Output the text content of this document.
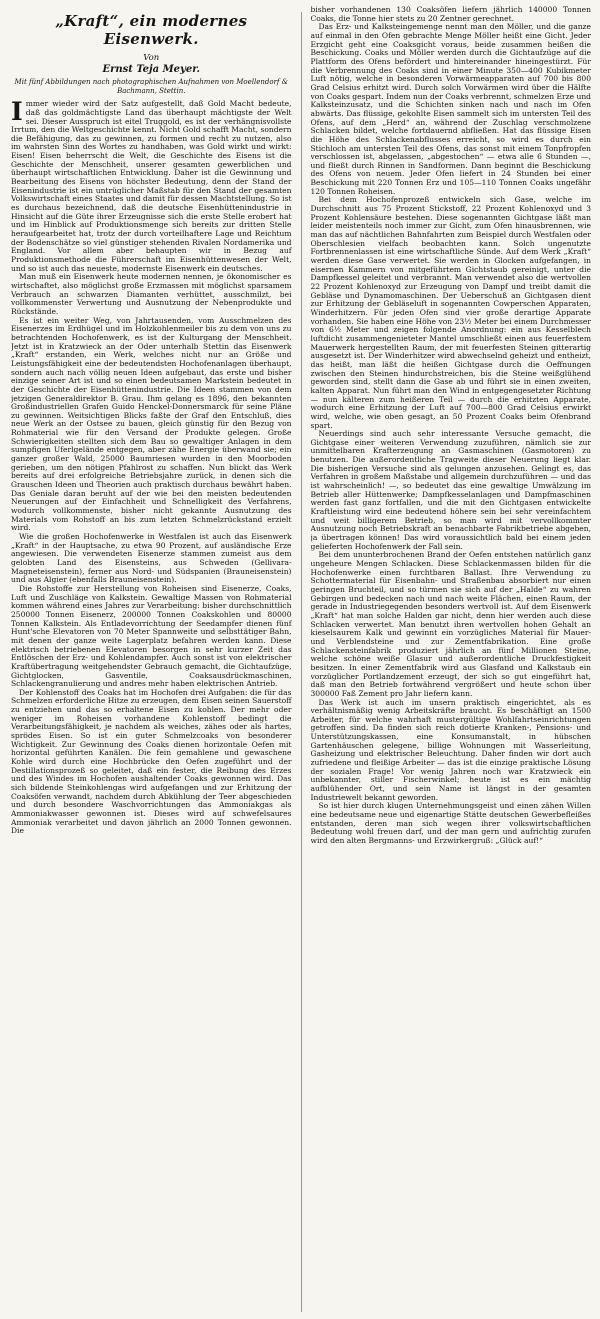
„Kraft“, ein modernes Eisenwerk.
Von
Ernst Teja Meyer.
Mit fünf Abbildungen nach photographischen Aufnahmen von Moellendorf & Bachmann, Stettin.

Immer wieder wird der Satz aufgestellt, daß Gold Macht bedeute, daß das goldmächtigste Land das überhaupt mächtigste der Welt sei. Dieser Ausspruch ist eitel Truggold, es ist der verhängnisvollste Irrtum, den die Weltgeschichte kennt. Nicht Gold schafft Macht, sondern die Befähigung, das zu gewinnen, zu formen und recht zu nutzen, also im wahrsten Sinn des Wortes zu handhaben, was Gold wirkt und wirkt: Eisen! Eisen beherrscht die Welt, die Geschichte des Eisens ist die Geschichte der Menschheit, unserer gesamten gewerblichen und überhaupt wirtschaftlichen Entwicklung. Daher ist die Gewinnung und Bearbeitung des Eisens von höchster Bedeutung, denn der Stand der Eisenindustrie ist ein untrüglicher Maßstab für den Stand der gesamten Volkswirtschaft eines Staates und damit für dessen Machtstellung. So ist es durchaus bezeichnend, daß die deutsche Eisenhüttenindustrie in Hinsicht auf die Güte ihrer Erzeugnisse sich die erste Stelle erobert hat und im Hinblick auf Produktionsmenge sich bereits zur dritten Stelle heraufgearbeitet hat, trotz der durch vorteilhaftere Lage und Reichtum der Bodenschätze so viel günstiger stehenden Rivalen Nordamerika und England. Vor allem aber behaupten wir in Bezug auf Produktionsmethode die Führerschaft im Eisenhüttenwesen der Welt, und so ist auch das neueste, modernste Eisenwerk ein deutsches.

Man muß ein Eisenwerk heute modernen nennen, je ökonomischer es wirtschaftet, also möglichst große Erzmassen mit möglichst sparsamem Verbrauch an schwarzen Diamanten verhüttet, ausschmilzt, bei vollkommenster Verwertung und Ausnutzung der Nebenprodukte und Rückstände.

Es ist ein weiter Weg, von Jahrtausenden, vom Ausschmelzen des Eisenerzes im Erdhügel und im Holzkohlenmeiler bis zu dem von uns zu betrachtenden Hochofenwerk, es ist der Kulturgang der Menschheit. Jetzt ist in Kratzwieck an der Oder unterhalb Stettin das Eisenwerk „Kraft“ erstanden, ein Werk, welches nicht nur an Größe und Leistungsfähigkeit eine der bedeutendsten Hochofenanlagen überhaupt, sondern auch nach völlig neuen Ideen aufgebaut, das erste und bisher einzige seiner Art ist und so einen bedeutsamen Markstein bedeutet in der Geschichte der Eisenhüttenindustrie. Die Ideen stammen von dem jetzigen Generaldirektor B. Grau. Ihm gelang es 1896, den bekannten Großindustriellen Grafen Guido Henckel-Donnersmarck für seine Pläne zu gewinnen. Weitsichtigen Blicks faßte der Graf den Entschluß, dies neue Werk an der Ostsee zu bauen, gleich günstig für den Bezug von Rohmaterial wie für den Versand der Produkte gelegen. Große Schwierigkeiten stellten sich dem Bau so gewaltiger Anlagen in dem sumpfigen Uferlgelände entgegen, aber zähe Energie überwand sie; ein ganzer großer Wald, 25000 Baumriesen wurden in den Moorboden gerieben, um den nötigen Pfahlrost zu schaffen. Nun blickt das Werk bereits auf drei erfolgreiche Betriebsjahre zurück, in denen sich die Grauschen Ideen und Theorien auch praktisch durchaus bewährt haben. Das Geniale daran beruht auf der wie bei den meisten bedeutenden Neuerungen auf der Einfachheit und Schnelligkeit des Verfahrens, wodurch vollkommenste, bisher nicht gekannte Ausnutzung des Materials vom Rohstoff an bis zum letzten Schmelzrückstand erzielt wird.

Wie die großen Hochofenwerke in Westfalen ist auch das Eisenwerk „Kraft“ in der Hauptsache, zu etwa 90 Prozent, auf ausländische Erze angewiesen. Die verwendeten Eisenerze stammen zumeist aus dem gelobten Land des Eisensteins, aus Schweden (Gellivara-Magneteisenstein), ferner aus Nord- und Südspanien (Brauneisenstein) und aus Algier (ebenfalls Brauneisenstein).

Die Rohstoffe zur Herstellung von Roheisen sind Eisenerze, Coaks, Luft und Zuschläge von Kalkstein. Gewaltige Massen von Rohmaterial kommen während eines Jahres zur Verarbeitung: bisher durchschnittlich 250000 Tonnen Eisenerz, 200000 Tonnen Coakskohlen und 80000 Tonnen Kalkstein. Als Entladevorrichtung der Seedampfer dienen fünf Hunt'sche Elevatoren von 70 Meter Spannweite und selbsttätiger Bahn, mit denen der ganze weite Lagerplatz befahren werden kann. Diese elektrisch betriebenen Elevatoren besorgen in sehr kurzer Zeit das Entlöschen der Erz- und Kohlendampfer. Auch sonst ist von elektrischer Kraftübertragung weitgehendster Gebrauch gemacht, die Gichtaufzüge, Gichtglocken, Gasventile, Coaksausdrückmaschinen, Schlackengranulierung und andres mehr haben elektrischen Antrieb.

Der Kohlenstoff des Coaks hat im Hochofen drei Aufgaben: die für das Schmelzen erforderliche Hitze zu erzeugen, dem Eisen seinen Sauerstoff zu entziehen und das so erhaltene Eisen zu kohlen. Der mehr oder weniger im Roheisen vorhandene Kohlenstoff bedingt die Verarbeitungsfähigkeit, je nachdem als weiches, zähes oder als hartes, sprödes Eisen. So ist ein guter Schmelzcoaks von besonderer Wichtigkeit. Zur Gewinnung des Coaks dienen horizontale Oefen mit horizontal geführten Kanälen. Die fein gemahlene und gewaschene Kohle wird durch eine Hochbrücke den Oefen zugeführt und der Destillationsprozeß so geleitet, daß ein fester, die Reibung des Erzes und des Windes im Hochofen aushaltender Coaks gewonnen wird. Das sich bildende Steinkohlengas wird aufgefangen und zur Erhitzung der Coaksöfen verwandt, nachdem durch Abkühlung der Teer abgeschieden und durch besondere Waschvorrichtungen das Ammoniakgas als Ammoniakwasser gewonnen ist. Dieses wird auf schwefelsaures Ammoniak verarbeitet und davon jährlich an 2000 Tonnen gewonnen. Die

bisher vorhandenen 130 Coaksöfen liefern jährlich 140000 Tonnen Coaks, die Tonne hier stets zu 20 Zentner gerechnet.

Das Erz- und Kalksteingemenge nennt man den Möller, und die ganze auf einmal in den Ofen gebrachte Menge Möller heißt eine Gicht. Jeder Erzgicht geht eine Coaksgicht voraus, beide zusammen heißen die Beschickung. Coaks und Möller werden durch die Gichtaufzüge auf die Plattform des Ofens befördert und hintereinander hineingestürzt. Für die Verbrennung des Coaks sind in einer Minute 350—400 Kubikmeter Luft nötig, welche in besonderen Vorwärmeapparaten auf 700 bis 800 Grad Celsius erhitzt wird. Durch solch Vorwärmen wird über die Hälfte von Coaks gespart. Indem nun der Coaks verbrennt, schmelzen Erze und Kalksteinzusatz, und die Schichten sinken nach und nach im Ofen abwärts. Das flüssige, gekohlte Eisen sammelt sich im untersten Teil des Ofens, auf dem „Herd“ an, während der Zuschlag verschmolzene Schlacken bildet, welche fortdauernd abfließen. Hat das flüssige Eisen die Höhe des Schlackenabflusses erreicht, so wird es durch ein Stichloch am untersten Teil des Ofens, das sonst mit einem Tonpfropfen verschlossen ist, abgelassen, „abgestochen“ — etwa alle 6 Stunden —, und fließt durch Rinnen in Sandformen. Dann beginnt die Beschickung des Ofens von neuem. Jeder Ofen liefert in 24 Stunden bei einer Beschickung mit 220 Tonnen Erz und 105—110 Tonnen Coaks ungefähr 120 Tonnen Roheisen.

Bei dem Hochofenprozeß entwickeln sich Gase, welche im Durchschnitt aus 75 Prozent Stickstoff, 22 Prozent Kohlenoxyd und 3 Prozent Kohlensäure bestehen. Diese sogenannten Gichtgase läßt man leider meistenteils noch immer zur Gicht, zum Ofen hinausbrennen, wie man das auf nächtlichen Bahnfahrten zum Beispiel durch Westfalen oder Oberschlesien vielfach beobachten kann. Solch ungenutzte Fortbrennenlassen ist eine wirtschaftliche Sünde. Auf dem Werk „Kraft“ werden diese Gase verwertet. Sie werden in Glocken aufgefangen, in eisernen Kammern von mitgeführtem Gichtstaub gereinigt, unter die Dampfkessel geleitet und verbrannt. Man verwendet also die wertvollen 22 Prozent Kohlenoxyd zur Erzeugung von Dampf und treibt damit die Gebläse und Dynamomaschinen. Der Ueberschuß an Gichtgasen dient zur Erhitzung der Gebläseluft in sogenannten Cowperschen Apparaten, Winderhitzern. Für jeden Ofen sind vier große derartige Apparate vorhanden. Sie haben eine Höhe von 23½ Meter bei einem Durchmesser von 6½ Meter und zeigen folgende Anordnung: ein aus Kesselblech luftdicht zusammengenieteter Mantel umschließt einen aus feuerfestem Mauerwerk hergestellten Raum, der mit feuerfesten Steinen gitterartig ausgesetzt ist. Der Winderhitzer wird abwechselnd geheizt und entheizt, das heißt, man läßt die heißen Gichtgase durch die Oeffnungen zwischen den Steinen hindurchstreichen, bis die Steine weißglühend geworden sind, stellt dann die Gase ab und führt sie in einen zweiten, kalten Apparat. Nun führt man den Wind in entgegengesetzter Richtung — nun kälteren zum heißeren Teil — durch die erhitzten Apparate, wodurch eine Erhitzung der Luft auf 700—800 Grad Celsius erwirkt wird, welche, wie oben gesagt, an 50 Prozent Coaks beim Ofenbrand spart.

Neuerdings sind auch sehr interessante Versuche gemacht, die Gichtgase einer weiteren Verwendung zuzuführen, nämlich sie zur unmittelbaren Krafterzeugung an Gasmaschinen (Gasmotoren) zu benutzen. Die außerordentliche Tragweite dieser Neuerung liegt klar. Die bisherigen Versuche sind als gelungen anzusehen. Gelingt es, das Verfahren in großem Maßstabe und allgemein durchzuführen — und das ist wahrscheinlich! —, so bedeutet das eine gewaltige Umwälzung im Betrieb aller Hüttenwerke; Dampfkesselanlagen und Dampfmaschinen werden fast ganz fortfallen, und die mit den Gichtgasen entwickelte Kraftleistung wird eine bedeutend höhere sein bei sehr vereinfachtem und weit billigerem Betrieb, so man wird mit vervollkommter Ausnutzung noch Betriebskraft an benachbarte Fabrikbetriebe abgeben, ja übertragen können! Das wird voraussichtlich bald bei einem jeden gelieferten Hochofenwerk der Fall sein.

Bei dem ununterbrochenen Brand der Oefen entstehen natürlich ganz ungeheure Mengen Schlacken. Diese Schlackenmassen bilden für die Hochofenwerke einen furchtbaren Ballast. Ihre Verwendung zu Schottermaterial für Eisenbahn- und Straßenbau absorbiert nur einen geringen Bruchteil, und so türmen sie sich auf der „Halde“ zu wahren Gebirgen und bedecken nach und nach weite Flächen, einen Raum, der gerade in Industriegegenden besonders wertvoll ist. Auf dem Eisenwerk „Kraft“ hat man solche Halden gar nicht, denn hier werden auch diese Schlacken verwertet. Man benutzt ihren wertvollen hohen Gehalt an kieselsaurem Kalk und gewinnt ein vorzügliches Material für Mauer- und Verblendsteine und zur Zementfabrikation. Eine große Schlackensteinfabrik produziert jährlich an fünf Millionen Steine, welche schöne weiße Glasur und außerordentliche Druckfestigkeit besitzen. In einer Zementfabrik wird aus Glasfand und Kalkstaub ein vorzüglicher Portlandzement erzeugt, der sich so gut eingeführt hat, daß man den Betrieb fortwährend vergrößert und heute schon über 300000 Faß Zement pro Jahr liefern kann.

Das Werk ist auch im unsern praktisch eingerichtet, als es verhältnismäßig wenig Arbeitskräfte braucht. Es beschäftigt an 1500 Arbeiter, für welche wahrhaft mustergültige Wohlfahrtseinrichtungen getroffen sind. Da finden sich reich dotierte Kranken-, Pensions- und Unterstützungskassen, eine Konsumanstalt, in hübschen Gartenhäuschen gelegene, billige Wohnungen mit Wasserleitung, Gasheizung und elektrischer Beleuchtung. Daher finden wir dort auch zufriedene und fleißige Arbeiter — das ist die einzige praktische Lösung der sozialen Frage! Vor wenig Jahren noch war Kratzwieck ein unbekannter, stiller Fischerwinkel; heute ist es ein mächtig aufblühender Ort, und sein Name ist längst in der gesamten Industriewelt bekannt geworden.

So ist hier durch klugen Unternehmungsgeist und einen zähen Willen eine bedeutsame neue und eigenartige Stätte deutschen Gewerbefleißes entstanden, deren man sich wegen ihrer volkswirtschaftlichen Bedeutung wohl freuen darf, und der man gern und aufrichtig zurufen wird den alten Bergmanns- und Erzwirkergruß: „Glück auf!“
